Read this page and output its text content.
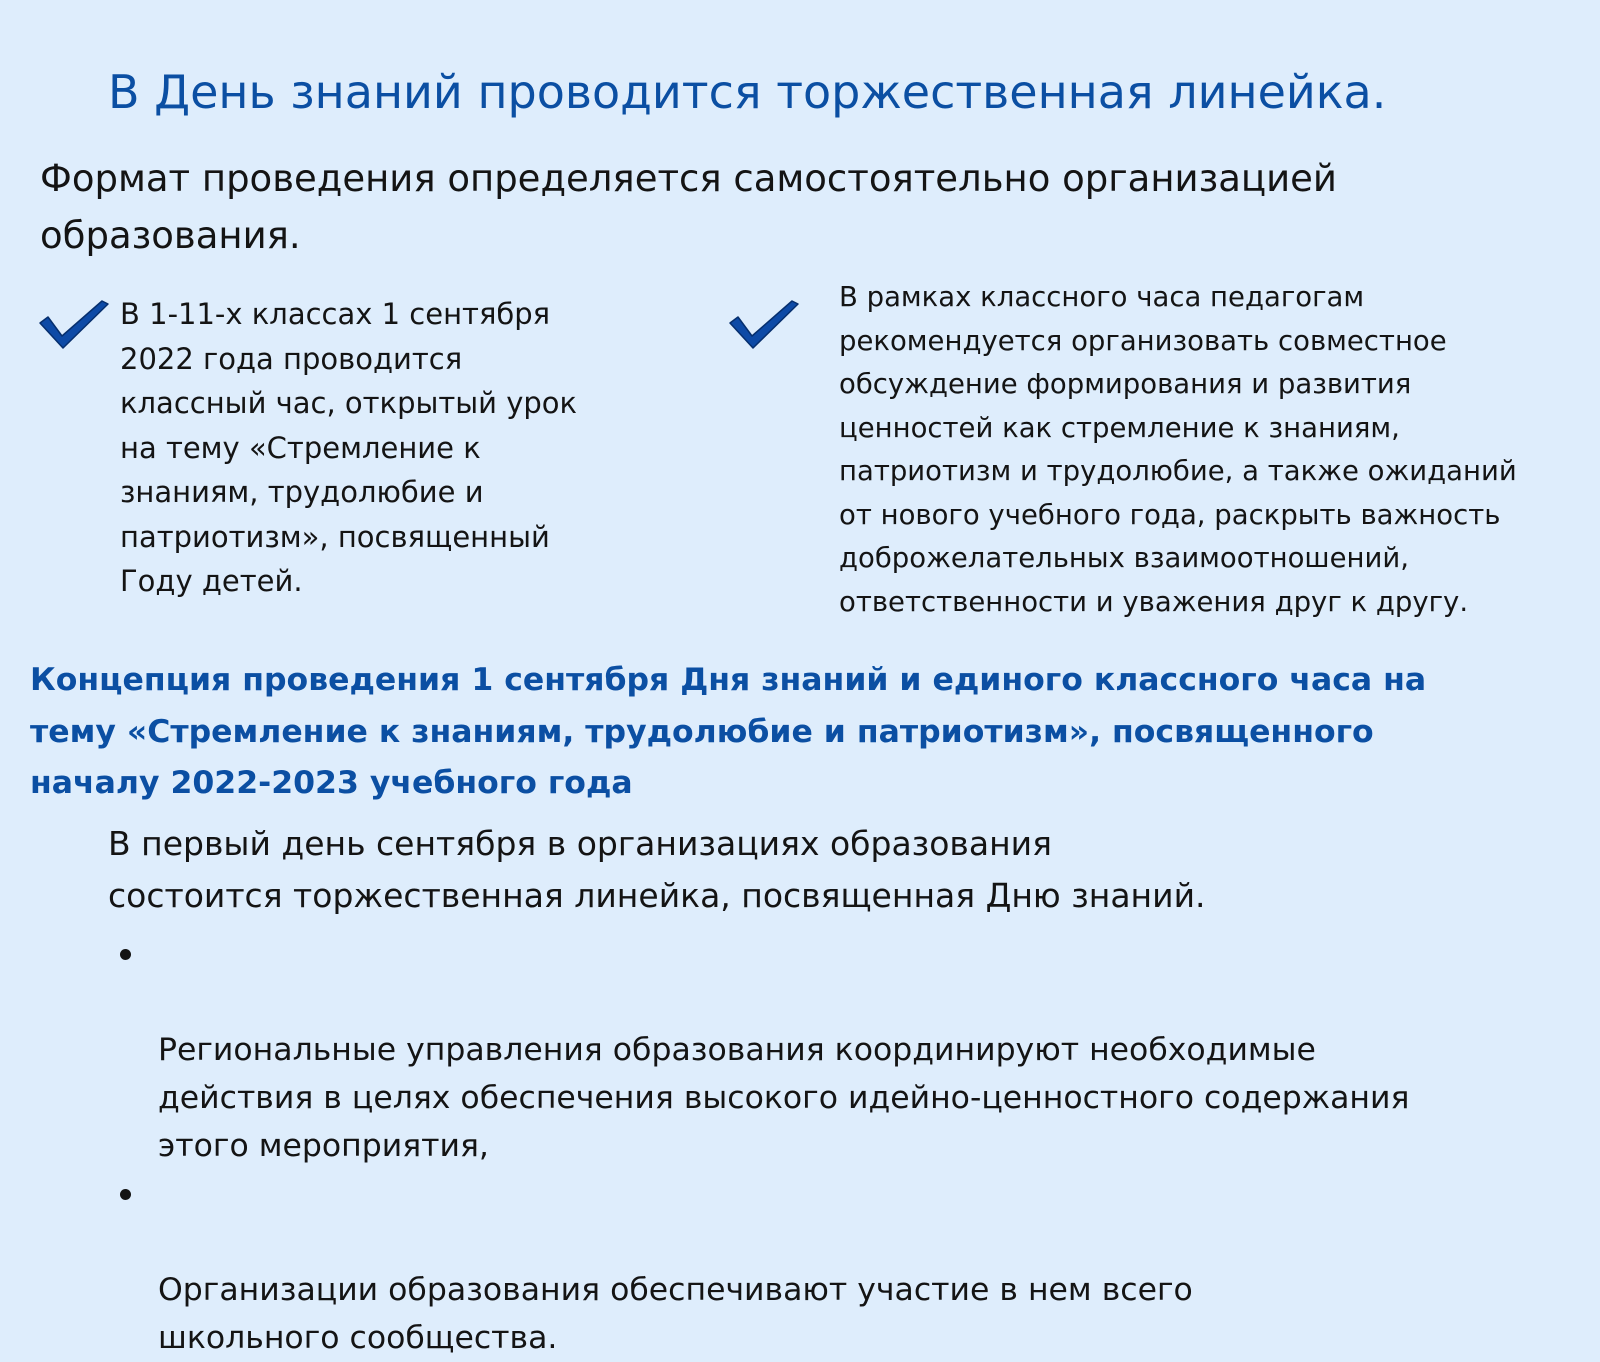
В День знаний проводится торжественная линейка.

Формат проведения определяется самостоятельно организацией образования.

В 1-11-х классах 1 сентября
2022 года проводится
классный час, открытый урок
на тему «Стремление к
знаниям, трудолюбие и
патриотизм», посвященный
Году детей.

В рамках классного часа педагогам
рекомендуется организовать совместное
обсуждение формирования и развития
ценностей как стремление к знаниям,
патриотизм и трудолюбие, а также ожиданий
от нового учебного года, раскрыть важность
доброжелательных взаимоотношений,
ответственности и уважения друг к другу.

Концепция проведения 1 сентября Дня знаний и единого классного часа на
тему «Стремление к знаниям, трудолюбие и патриотизм», посвященного
началу 2022-2023 учебного года

В первый день сентября в организациях образования
состоится торжественная линейка, посвященная Дню знаний.

Региональные управления образования координируют необходимые
действия в целях обеспечения высокого идейно-ценностного содержания
этого мероприятия,

Организации образования обеспечивают участие в нем всего
школьного сообщества.
